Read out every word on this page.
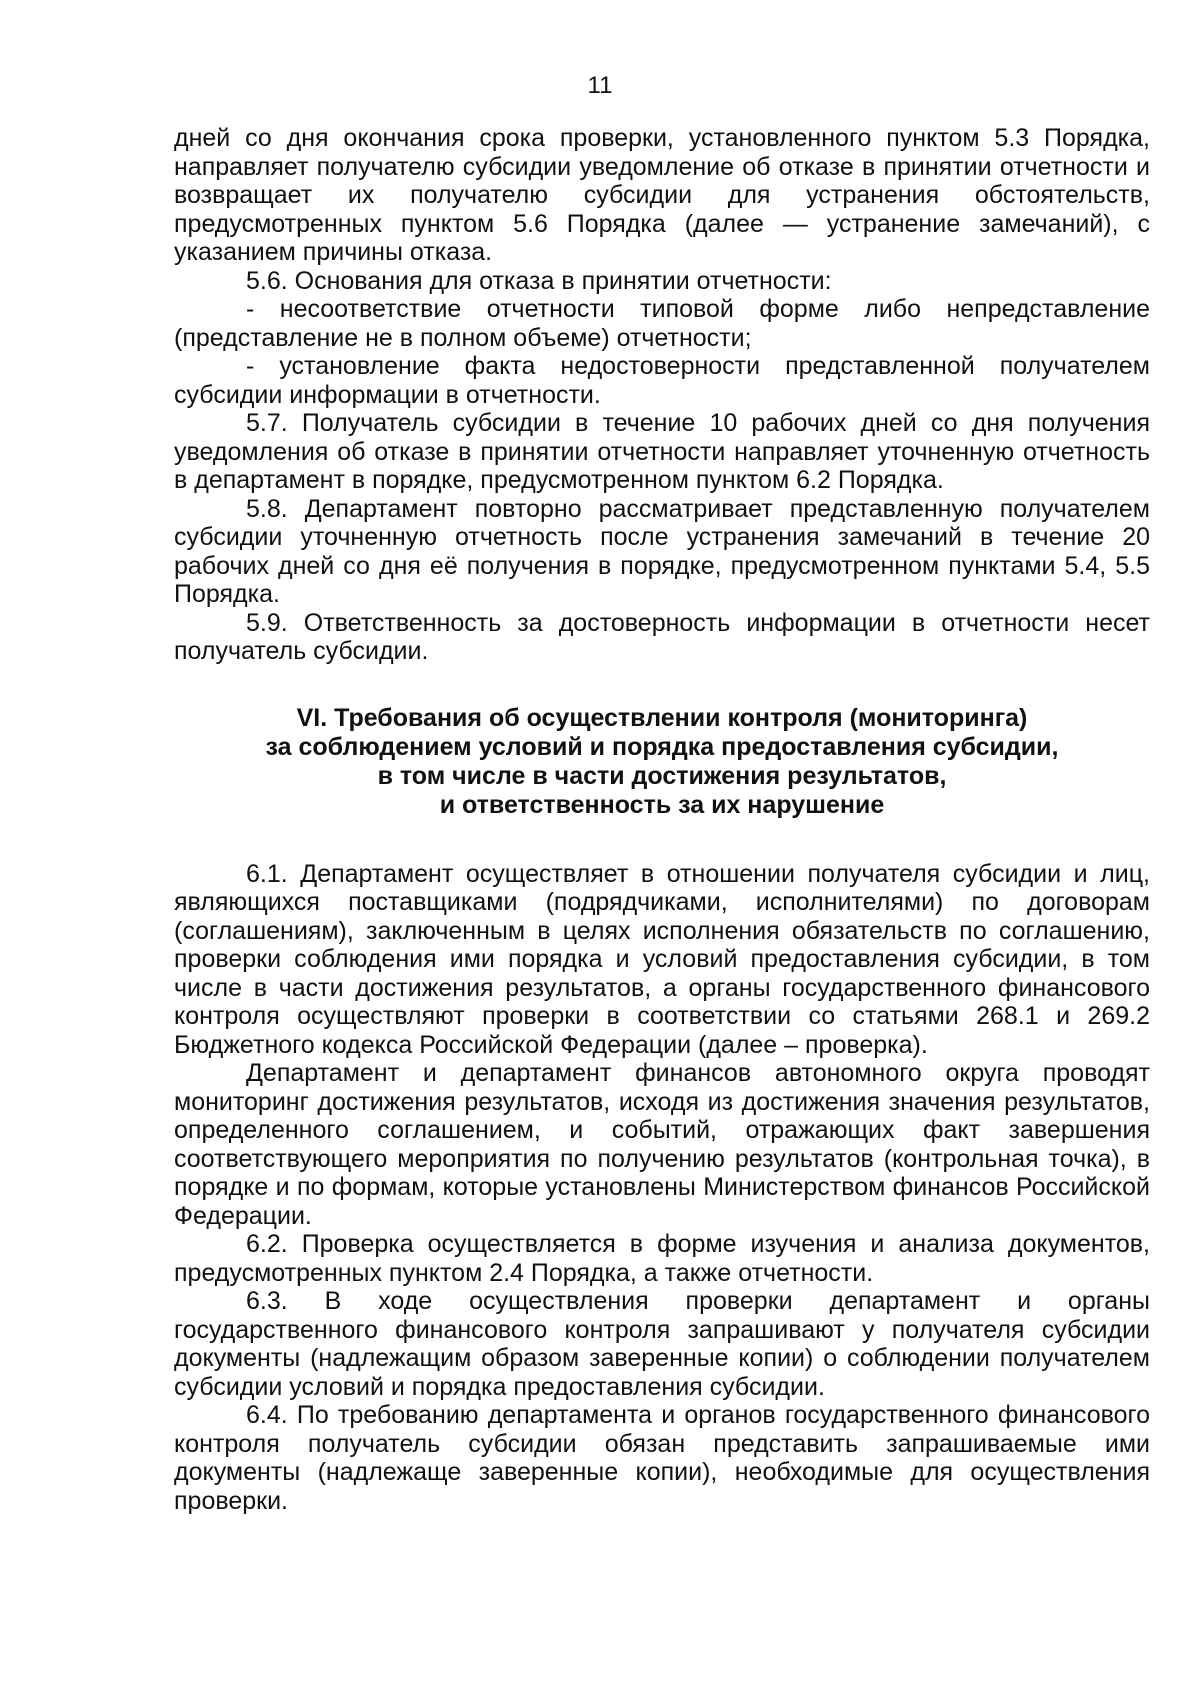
11

дней со дня окончания срока проверки, установленного пунктом 5.3 Порядка, направляет получателю субсидии уведомление об отказе в принятии отчетности и возвращает их получателю субсидии для устранения обстоятельств, предусмотренных пунктом 5.6 Порядка (далее — устранение замечаний), с указанием причины отказа.

5.6. Основания для отказа в принятии отчетности:

- несоответствие отчетности типовой форме либо непредставление (представление не в полном объеме) отчетности;

- установление факта недостоверности представленной получателем субсидии информации в отчетности.

5.7. Получатель субсидии в течение 10 рабочих дней со дня получения уведомления об отказе в принятии отчетности направляет уточненную отчетность в департамент в порядке, предусмотренном пунктом 6.2 Порядка.

5.8. Департамент повторно рассматривает представленную получателем субсидии уточненную отчетность после устранения замечаний в течение 20 рабочих дней со дня её получения в порядке, предусмотренном пунктами 5.4, 5.5 Порядка.

5.9. Ответственность за достоверность информации в отчетности несет получатель субсидии.

VI. Требования об осуществлении контроля (мониторинга)
за соблюдением условий и порядка предоставления субсидии,
в том числе в части достижения результатов,
и ответственность за их нарушение

6.1. Департамент осуществляет в отношении получателя субсидии и лиц, являющихся поставщиками (подрядчиками, исполнителями) по договорам (соглашениям), заключенным в целях исполнения обязательств по соглашению, проверки соблюдения ими порядка и условий предоставления субсидии, в том числе в части достижения результатов, а органы государственного финансового контроля осуществляют проверки в соответствии со статьями 268.1 и 269.2 Бюджетного кодекса Российской Федерации (далее – проверка).

Департамент и департамент финансов автономного округа проводят мониторинг достижения результатов, исходя из достижения значения результатов, определенного соглашением, и событий, отражающих факт завершения соответствующего мероприятия по получению результатов (контрольная точка), в порядке и по формам, которые установлены Министерством финансов Российской Федерации.

6.2. Проверка осуществляется в форме изучения и анализа документов, предусмотренных пунктом 2.4 Порядка, а также отчетности.

6.3. В ходе осуществления проверки департамент и органы государственного финансового контроля запрашивают у получателя субсидии документы (надлежащим образом заверенные копии) о соблюдении получателем субсидии условий и порядка предоставления субсидии.

6.4. По требованию департамента и органов государственного финансового контроля получатель субсидии обязан представить запрашиваемые ими документы (надлежаще заверенные копии), необходимые для осуществления проверки.
